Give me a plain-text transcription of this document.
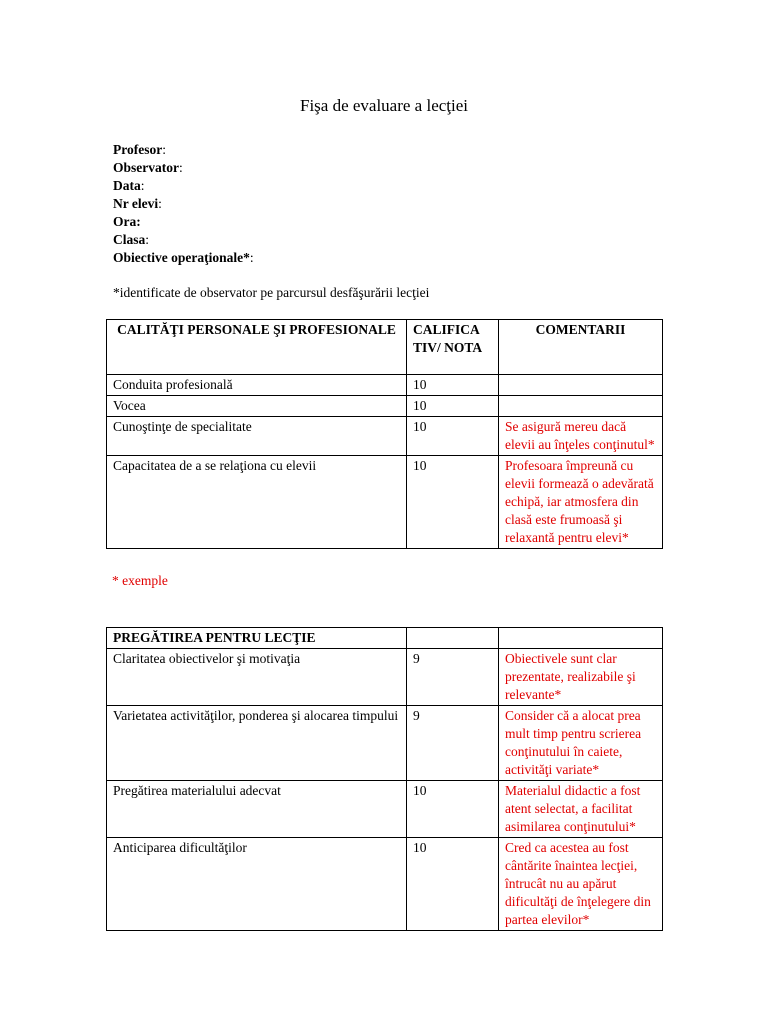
Fişa de evaluare a lecţiei
Profesor:
Observator:
Data:
Nr elevi:
Ora:
Clasa:
Obiective operaţionale*:
*identificate de observator pe parcursul desfăşurării lecţiei
CALITĂŢI PERSONALE ŞI PROFESIONALE	CALIFICA TIV/ NOTA	COMENTARII
Conduita profesională	10	
Vocea	10	
Cunoştinţe de specialitate	10	Se asigură mereu dacă elevii au înţeles conţinutul*
Capacitatea de a se relaţiona cu elevii	10	Profesoara împreună cu elevii formează o adevărată echipă, iar atmosfera din clasă este frumoasă şi relaxantă pentru elevi*
* exemple
PREGĂTIREA PENTRU LECŢIE		
Claritatea obiectivelor şi motivaţia	9	Obiectivele sunt clar prezentate, realizabile şi relevante*
Varietatea activităţilor, ponderea şi alocarea timpului	9	Consider că a alocat prea mult timp pentru scrierea conţinutului în caiete, activităţi variate*
Pregătirea materialului adecvat	10	Materialul didactic a fost atent selectat, a facilitat asimilarea conţinutului*
Anticiparea dificultăţilor	10	Cred ca acestea au fost cântărite înaintea lecţiei, întrucât nu au apărut dificultăţi de înţelegere din partea elevilor*
